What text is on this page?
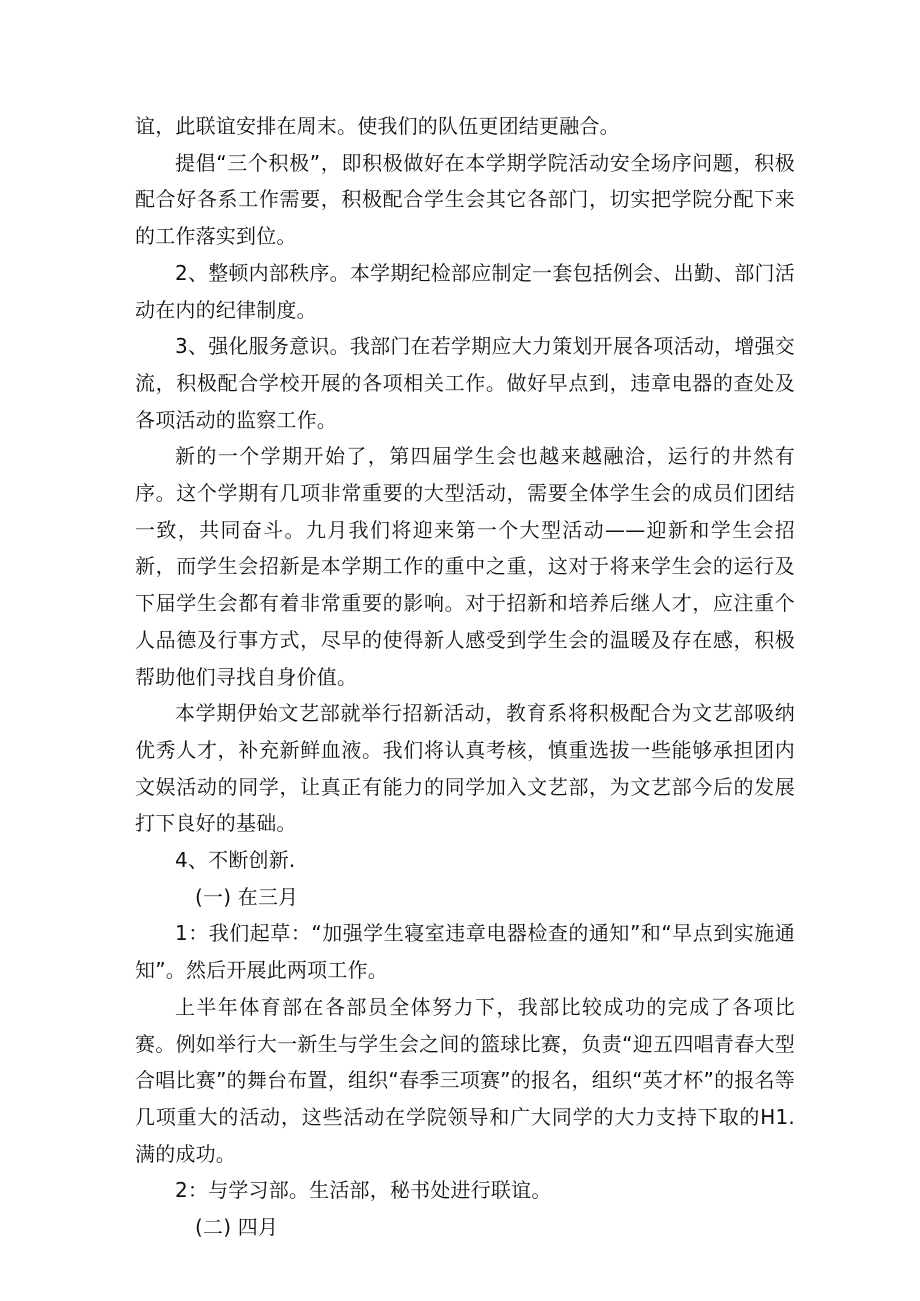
谊，此联谊安排在周末。使我们的队伍更团结更融合。

提倡“三个积极”，即积极做好在本学期学院活动安全场序问题，积极配合好各系工作需要，积极配合学生会其它各部门，切实把学院分配下来的工作落实到位。

2、整顿内部秩序。本学期纪检部应制定一套包括例会、出勤、部门活动在内的纪律制度。

3、强化服务意识。我部门在若学期应大力策划开展各项活动，增强交流，积极配合学校开展的各项相关工作。做好早点到，违章电器的查处及各项活动的监察工作。

新的一个学期开始了，第四届学生会也越来越融洽，运行的井然有序。这个学期有几项非常重要的大型活动，需要全体学生会的成员们团结一致，共同奋斗。九月我们将迎来第一个大型活动——迎新和学生会招新，而学生会招新是本学期工作的重中之重，这对于将来学生会的运行及下届学生会都有着非常重要的影响。对于招新和培养后继人才，应注重个人品德及行事方式，尽早的使得新人感受到学生会的温暖及存在感，积极帮助他们寻找自身价值。

本学期伊始文艺部就举行招新活动，教育系将积极配合为文艺部吸纳优秀人才，补充新鲜血液。我们将认真考核，慎重选拔一些能够承担团内文娱活动的同学，让真正有能力的同学加入文艺部，为文艺部今后的发展打下良好的基础。

4、不断创新.

(一) 在三月

1：我们起草：“加强学生寝室违章电器检查的通知”和“早点到实施通知”。然后开展此两项工作。

上半年体育部在各部员全体努力下，我部比较成功的完成了各项比赛。例如举行大一新生与学生会之间的篮球比赛，负责“迎五四唱青春大型合唱比赛”的舞台布置，组织“春季三项赛”的报名，组织“英才杯”的报名等几项重大的活动，这些活动在学院领导和广大同学的大力支持下取的H1.满的成功。

2：与学习部。生活部，秘书处进行联谊。

(二) 四月
